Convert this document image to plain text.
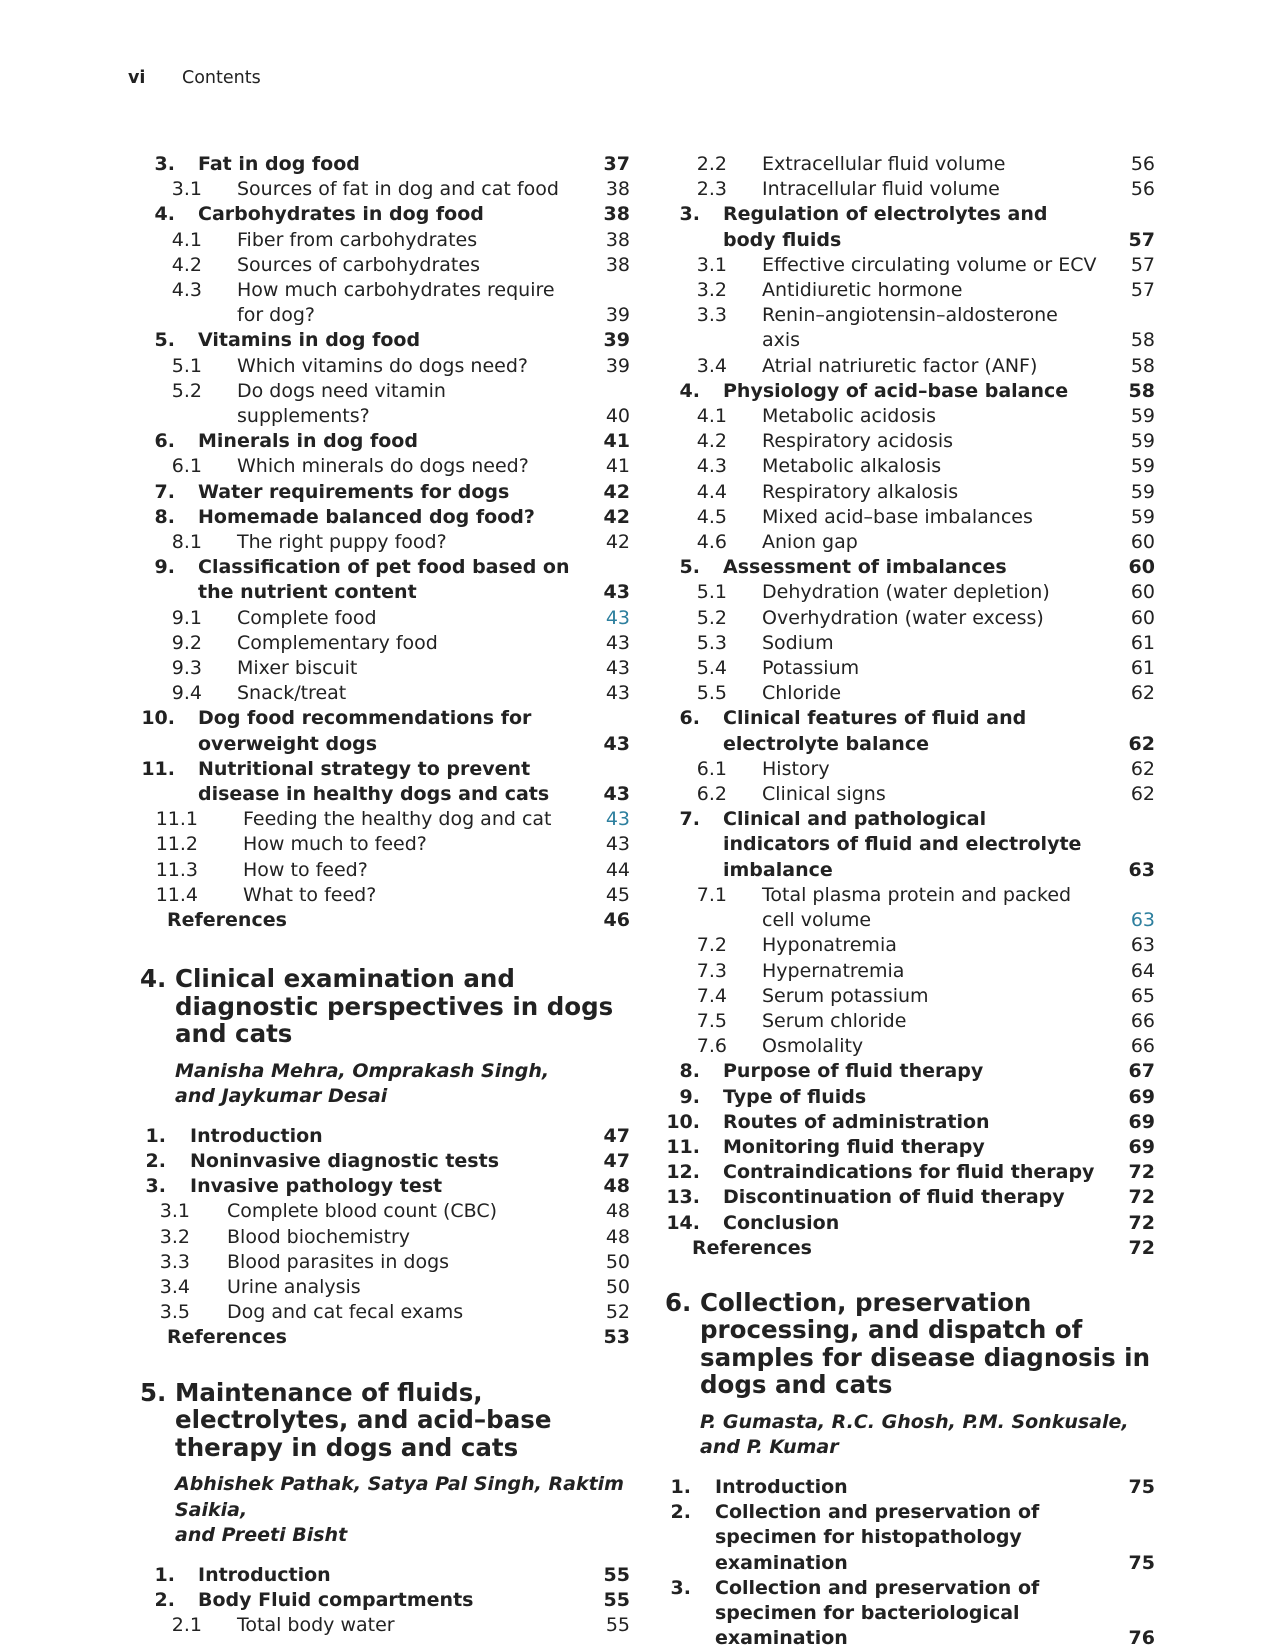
vi Contents
3. Fat in dog food	37
3.1 Sources of fat in dog and cat food	38
4. Carbohydrates in dog food	38
4.1 Fiber from carbohydrates	38
4.2 Sources of carbohydrates	38
4.3 How much carbohydrates require for dog?	39
5. Vitamins in dog food	39
5.1 Which vitamins do dogs need?	39
5.2 Do dogs need vitamin supplements?	40
6. Minerals in dog food	41
6.1 Which minerals do dogs need?	41
7. Water requirements for dogs	42
8. Homemade balanced dog food?	42
8.1 The right puppy food?	42
9. Classification of pet food based on the nutrient content	43
9.1 Complete food	43
9.2 Complementary food	43
9.3 Mixer biscuit	43
9.4 Snack/treat	43
10. Dog food recommendations for overweight dogs	43
11. Nutritional strategy to prevent disease in healthy dogs and cats	43
11.1 Feeding the healthy dog and cat	43
11.2 How much to feed?	43
11.3 How to feed?	44
11.4 What to feed?	45
References	46
4. Clinical examination and diagnostic perspectives in dogs and cats
Manisha Mehra, Omprakash Singh,
and Jaykumar Desai
1. Introduction	47
2. Noninvasive diagnostic tests	47
3. Invasive pathology test	48
3.1 Complete blood count (CBC)	48
3.2 Blood biochemistry	48
3.3 Blood parasites in dogs	50
3.4 Urine analysis	50
3.5 Dog and cat fecal exams	52
References	53
5. Maintenance of fluids, electrolytes, and acid–base therapy in dogs and cats
Abhishek Pathak, Satya Pal Singh, Raktim Saikia,
and Preeti Bisht
1. Introduction	55
2. Body Fluid compartments	55
2.1 Total body water	55
2.2 Extracellular fluid volume	56
2.3 Intracellular fluid volume	56
3. Regulation of electrolytes and body fluids	57
3.1 Effective circulating volume or ECV 57
3.2 Antidiuretic hormone	57
3.3 Renin–angiotensin–aldosterone axis	58
3.4 Atrial natriuretic factor (ANF)	58
4. Physiology of acid–base balance	58
4.1 Metabolic acidosis	59
4.2 Respiratory acidosis	59
4.3 Metabolic alkalosis	59
4.4 Respiratory alkalosis	59
4.5 Mixed acid–base imbalances	59
4.6 Anion gap	60
5. Assessment of imbalances	60
5.1 Dehydration (water depletion)	60
5.2 Overhydration (water excess)	60
5.3 Sodium	61
5.4 Potassium	61
5.5 Chloride	62
6. Clinical features of fluid and electrolyte balance	62
6.1 History	62
6.2 Clinical signs	62
7. Clinical and pathological indicators of fluid and electrolyte imbalance	63
7.1 Total plasma protein and packed cell volume	63
7.2 Hyponatremia	63
7.3 Hypernatremia	64
7.4 Serum potassium	65
7.5 Serum chloride	66
7.6 Osmolality	66
8. Purpose of fluid therapy	67
9. Type of fluids	69
10. Routes of administration	69
11. Monitoring fluid therapy	69
12. Contraindications for fluid therapy 72
13. Discontinuation of fluid therapy	72
14. Conclusion	72
References	72
6. Collection, preservation processing, and dispatch of samples for disease diagnosis in dogs and cats
P. Gumasta, R.C. Ghosh, P.M. Sonkusale,
and P. Kumar
1. Introduction	75
2. Collection and preservation of specimen for histopathology examination	75
3. Collection and preservation of specimen for bacteriological examination	76
